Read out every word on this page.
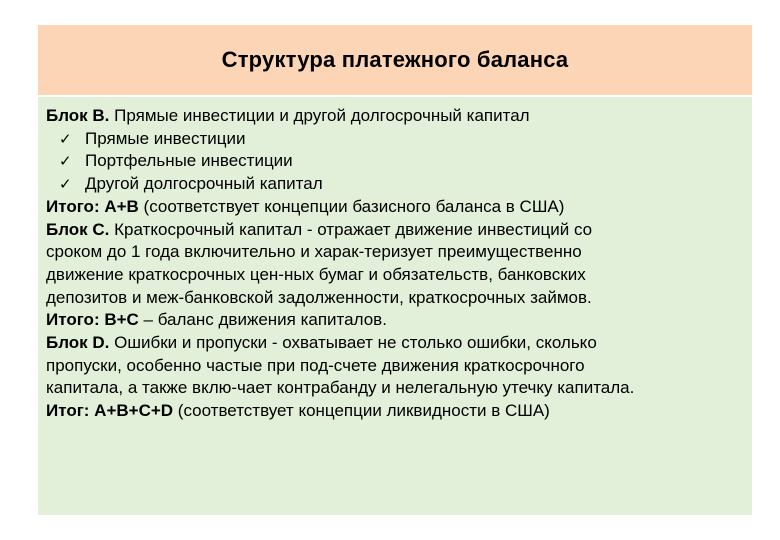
Структура платежного баланса
Блок В. Прямые инвестиции и другой долгосрочный капитал
✓ Прямые инвестиции
✓ Портфельные инвестиции
✓ Другой долгосрочный капитал
Итого: А+В (соответствует концепции базисного баланса в США)
Блок С. Краткосрочный капитал - отражает движение инвестиций со
сроком до 1 года включительно и харак-теризует преимущественно
движение краткосрочных цен-ных бумаг и обязательств, банковских
депозитов и меж-банковской задолженности, краткосрочных займов.
Итого: В+С – баланс движения капиталов.
Блок D. Ошибки и пропуски - охватывает не столько ошибки, сколько
пропуски, особенно частые при под-счете движения краткосрочного
капитала, а также вклю-чает контрабанду и нелегальную утечку капитала.
Итог: А+В+С+D (соответствует концепции ликвидности в США)
